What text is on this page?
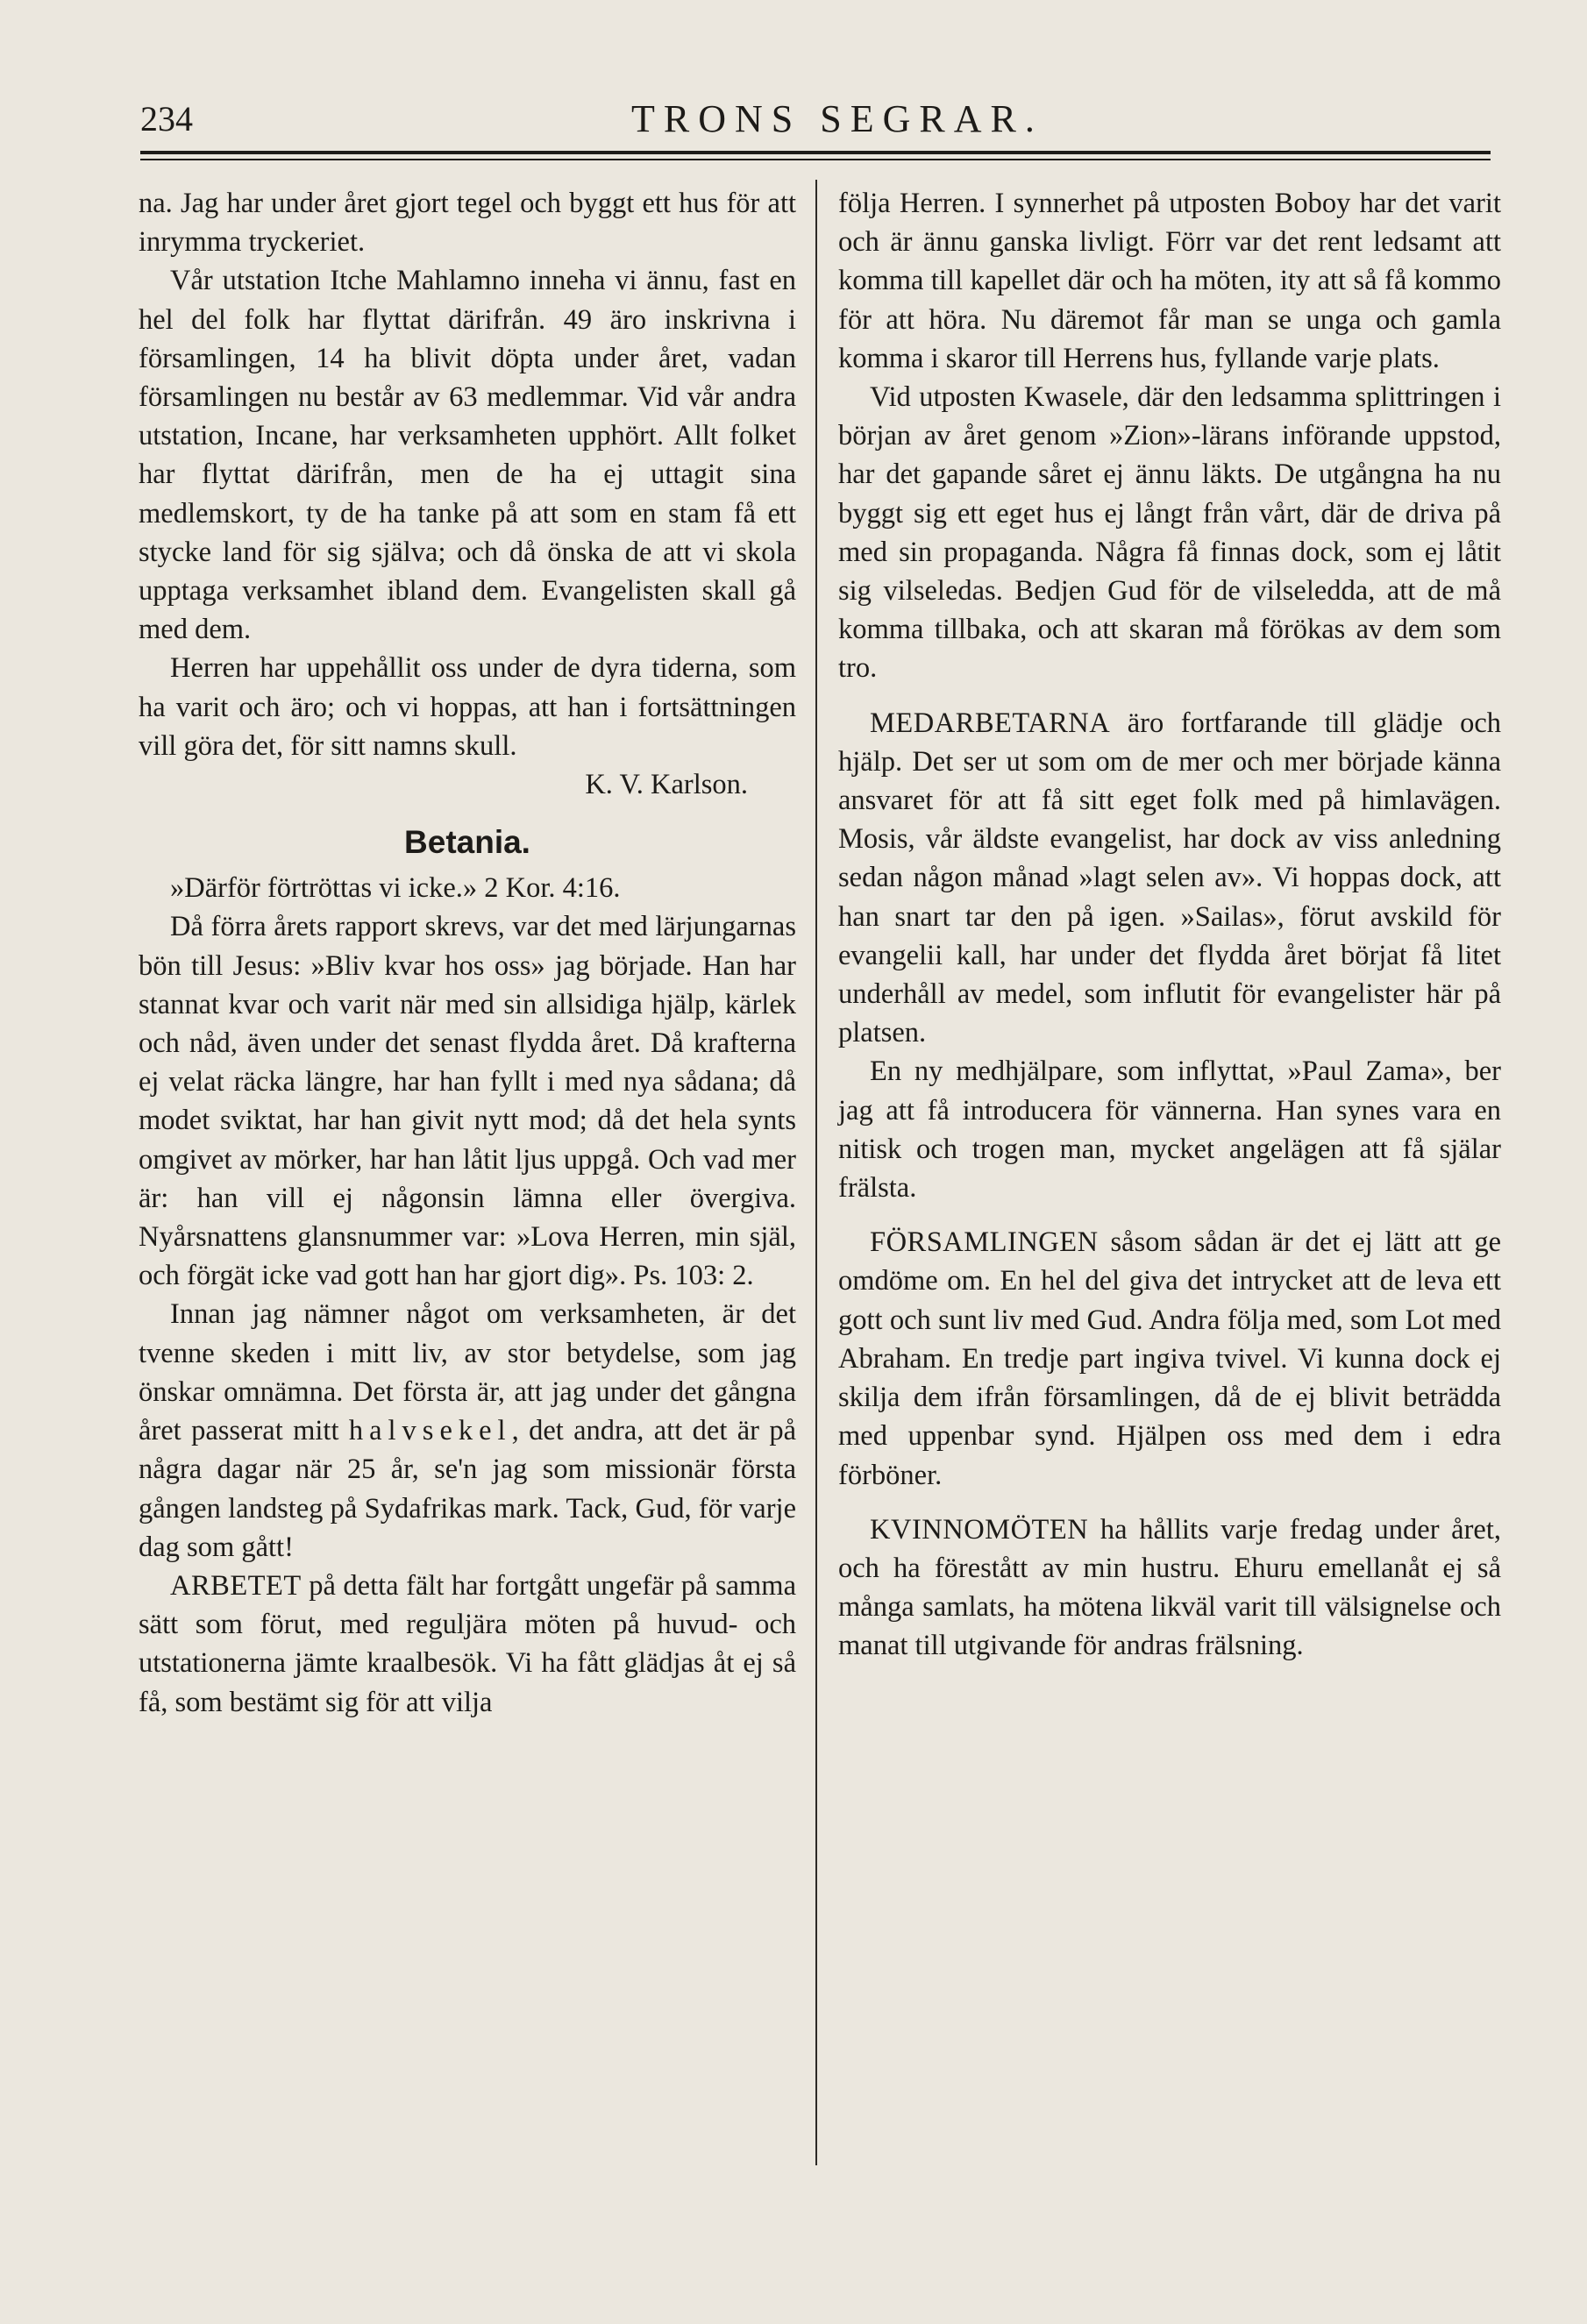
234	TRONS SEGRAR.

na. Jag har under året gjort tegel och byggt ett hus för att inrymma tryckeriet.

Vår utstation Itche Mahlamno inneha vi ännu, fast en hel del folk har flyttat därifrån. 49 äro inskrivna i församlingen, 14 ha blivit döpta under året, vadan församlingen nu består av 63 medlemmar. Vid vår andra utstation, Incane, har verksamheten upphört. Allt folket har flyttat därifrån, men de ha ej uttagit sina medlemskort, ty de ha tanke på att som en stam få ett stycke land för sig själva; och då önska de att vi skola upptaga verksamhet ibland dem. Evangelisten skall gå med dem.

Herren har uppehållit oss under de dyra tiderna, som ha varit och äro; och vi hoppas, att han i fortsättningen vill göra det, för sitt namns skull.

K. V. Karlson.

Betania.

»Därför förtröttas vi icke.» 2 Kor. 4:16.

Då förra årets rapport skrevs, var det med lärjungarnas bön till Jesus: »Bliv kvar hos oss» jag började. Han har stannat kvar och varit när med sin allsidiga hjälp, kärlek och nåd, även under det senast flydda året. Då krafterna ej velat räcka längre, har han fyllt i med nya sådana; då modet sviktat, har han givit nytt mod; då det hela synts omgivet av mörker, har han låtit ljus uppgå. Och vad mer är: han vill ej någonsin lämna eller övergiva. Nyårsnattens glansnummer var: »Lova Herren, min själ, och förgät icke vad gott han har gjort dig». Ps. 103: 2.

Innan jag nämner något om verksamheten, är det tvenne skeden i mitt liv, av stor betydelse, som jag önskar omnämna. Det första är, att jag under det gångna året passerat mitt halvsekel, det andra, att det är på några dagar när 25 år, se'n jag som missionär första gången landsteg på Sydafrikas mark. Tack, Gud, för varje dag som gått!

ARBETET på detta fält har fortgått ungefär på samma sätt som förut, med reguljära möten på huvud- och utstationerna jämte kraalbesök. Vi ha fått glädjas åt ej så få, som bestämt sig för att vilja

följa Herren. I synnerhet på utposten Boboy har det varit och är ännu ganska livligt. Förr var det rent ledsamt att komma till kapellet där och ha möten, ity att så få kommo för att höra. Nu däremot får man se unga och gamla komma i skaror till Herrens hus, fyllande varje plats.

Vid utposten Kwasele, där den ledsamma splittringen i början av året genom »Zion»-lärans införande uppstod, har det gapande såret ej ännu läkts. De utgångna ha nu byggt sig ett eget hus ej långt från vårt, där de driva på med sin propaganda. Några få finnas dock, som ej låtit sig vilseledas. Bedjen Gud för de vilseledda, att de må komma tillbaka, och att skaran må förökas av dem som tro.

MEDARBETARNA äro fortfarande till glädje och hjälp. Det ser ut som om de mer och mer började känna ansvaret för att få sitt eget folk med på himlavägen. Mosis, vår äldste evangelist, har dock av viss anledning sedan någon månad »lagt selen av». Vi hoppas dock, att han snart tar den på igen. »Sailas», förut avskild för evangelii kall, har under det flydda året börjat få litet underhåll av medel, som influtit för evangelister här på platsen.

En ny medhjälpare, som inflyttat, »Paul Zama», ber jag att få introducera för vännerna. Han synes vara en nitisk och trogen man, mycket angelägen att få själar frälsta.

FÖRSAMLINGEN såsom sådan är det ej lätt att ge omdöme om. En hel del giva det intrycket att de leva ett gott och sunt liv med Gud. Andra följa med, som Lot med Abraham. En tredje part ingiva tvivel. Vi kunna dock ej skilja dem ifrån församlingen, då de ej blivit beträdda med uppenbar synd. Hjälpen oss med dem i edra förböner.

KVINNOMÖTEN ha hållits varje fredag under året, och ha förestått av min hustru. Ehuru emellanåt ej så många samlats, ha mötena likväl varit till välsignelse och manat till utgivande för andras frälsning.
